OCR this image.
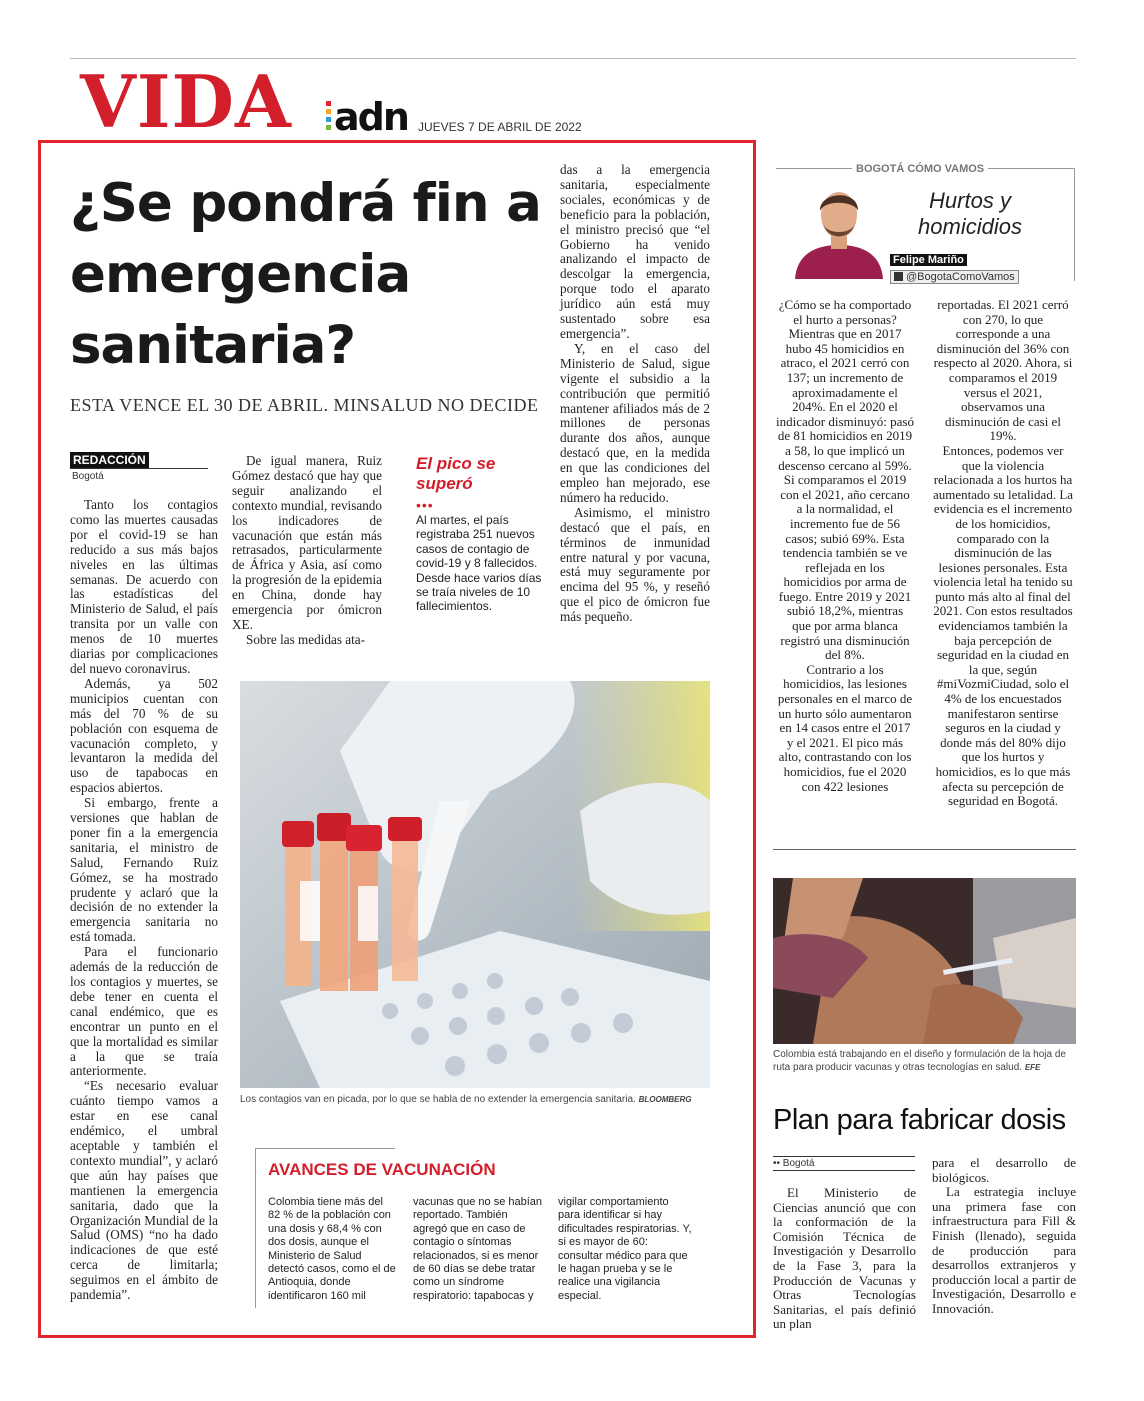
VIDA adn JUEVES 7 DE ABRIL DE 2022
¿Se pondrá fin a emergencia sanitaria?
ESTA VENCE EL 30 DE ABRIL. MINSALUD NO DECIDE
REDACCIÓN
Bogotá

Tanto los contagios como las muertes causadas por el covid-19 se han reducido a sus más bajos niveles en las últimas semanas. De acuerdo con las estadísticas del Ministerio de Salud, el país transita por un valle con menos de 10 muertes diarias por complicaciones del nuevo coronavirus.

Además, ya 502 municipios cuentan con más del 70 % de su población con esquema de vacunación completo, y levantaron la medida del uso de tapabocas en espacios abiertos.

Si embargo, frente a versiones que hablan de poner fin a la emergencia sanitaria, el ministro de Salud, Fernando Ruiz Gómez, se ha mostrado prudente y aclaró que la decisión de no extender la emergencia sanitaria no está tomada.

Para el funcionario además de la reducción de los contagios y muertes, se debe tener en cuenta el canal endémico, que es encontrar un punto en el que la mortalidad es similar a la que se traía anteriormente.

“Es necesario evaluar cuánto tiempo vamos a estar en ese canal endémico, el umbral aceptable y también el contexto mundial”, y aclaró que aún hay países que mantienen la emergencia sanitaria, dado que la Organización Mundial de la Salud (OMS) “no ha dado indicaciones de que esté cerca de limitarla; seguimos en el ámbito de pandemia”.

De igual manera, Ruiz Gómez destacó que hay que seguir analizando el contexto mundial, revisando los indicadores de vacunación que están más retrasados, particularmente de África y Asia, así como la progresión de la epidemia en China, donde hay emergencia por ómicron XE.

Sobre las medidas ata-

El pico se superó
•••
Al martes, el país registraba 251 nuevos casos de contagio de covid-19 y 8 fallecidos. Desde hace varios días se traía niveles de 10 fallecimientos.

das a la emergencia sanitaria, especialmente sociales, económicas y de beneficio para la población, el ministro precisó que “el Gobierno ha venido analizando el impacto de descolgar la emergencia, porque todo el aparato jurídico aún está muy sustentado sobre esa emergencia”.

Y, en el caso del Ministerio de Salud, sigue vigente el subsidio a la contribución que permitió mantener afiliados más de 2 millones de personas durante dos años, aunque destacó que, en la medida en que las condiciones del empleo han mejorado, ese número ha reducido.

Asimismo, el ministro destacó que el país, en términos de inmunidad entre natural y por vacuna, está muy seguramente por encima del 95 %, y reseñó que el pico de ómicron fue más pequeño.

Los contagios van en picada, por lo que se habla de no extender la emergencia sanitaria. BLOOMBERG
AVANCES DE VACUNACIÓN
Colombia tiene más del 82 % de la población con una dosis y 68,4 % con dos dosis, aunque el Ministerio de Salud detectó casos, como el de Antioquia, donde identificaron 160 mil
vacunas que no se habían reportado. También agregó que en caso de contagio o síntomas relacionados, si es menor de 60 días se debe tratar como un síndrome respiratorio: tapabocas y
vigilar comportamiento para identificar si hay dificultades respiratorias. Y, si es mayor de 60: consultar médico para que le hagan prueba y se le realice una vigilancia especial.
BOGOTÁ CÓMO VAMOS
Hurtos y homicidios
Felipe Mariño
@BogotaComoVamos

¿Cómo se ha comportado el hurto a personas? Mientras que en 2017 hubo 45 homicidios en atraco, el 2021 cerró con 137; un incremento de aproximadamente el 204%. En el 2020 el indicador disminuyó: pasó de 81 homicidios en 2019 a 58, lo que implicó un descenso cercano al 59%.

Si comparamos el 2019 con el 2021, año cercano a la normalidad, el incremento fue de 56 casos; subió 69%. Esta tendencia también se ve reflejada en los homicidios por arma de fuego. Entre 2019 y 2021 subió 18,2%, mientras que por arma blanca registró una disminución del 8%.

Contrario a los homicidios, las lesiones personales en el marco de un hurto sólo aumentaron en 14 casos entre el 2017 y el 2021. El pico más alto, contrastando con los homicidios, fue el 2020 con 422 lesiones

reportadas. El 2021 cerró con 270, lo que corresponde a una disminución del 36% con respecto al 2020. Ahora, si comparamos el 2019 versus el 2021, observamos una disminución de casi el 19%.

Entonces, podemos ver que la violencia relacionada a los hurtos ha aumentado su letalidad. La evidencia es el incremento de los homicidios, comparado con la disminución de las lesiones personales. Esta violencia letal ha tenido su punto más alto al final del 2021. Con estos resultados evidenciamos también la baja percepción de seguridad en la ciudad en la que, según #miVozmiCiudad, solo el 4% de los encuestados manifestaron sentirse seguros en la ciudad y donde más del 80% dijo que los hurtos y homicidios, es lo que más afecta su percepción de seguridad en Bogotá.

Colombia está trabajando en el diseño y formulación de la hoja de ruta para producir vacunas y otras tecnologías en salud. EFE
Plan para fabricar dosis
•• Bogotá

El Ministerio de Ciencias anunció que con la conformación de la Comisión Técnica de Investigación y Desarrollo de la Fase 3, para la Producción de Vacunas y Otras Tecnologías Sanitarias, el país definió un plan

para el desarrollo de biológicos.

La estrategia incluye una primera fase con infraestructura para Fill & Finish (llenado), seguida de producción para desarrollos extranjeros y producción local a partir de Investigación, Desarrollo e Innovación.
